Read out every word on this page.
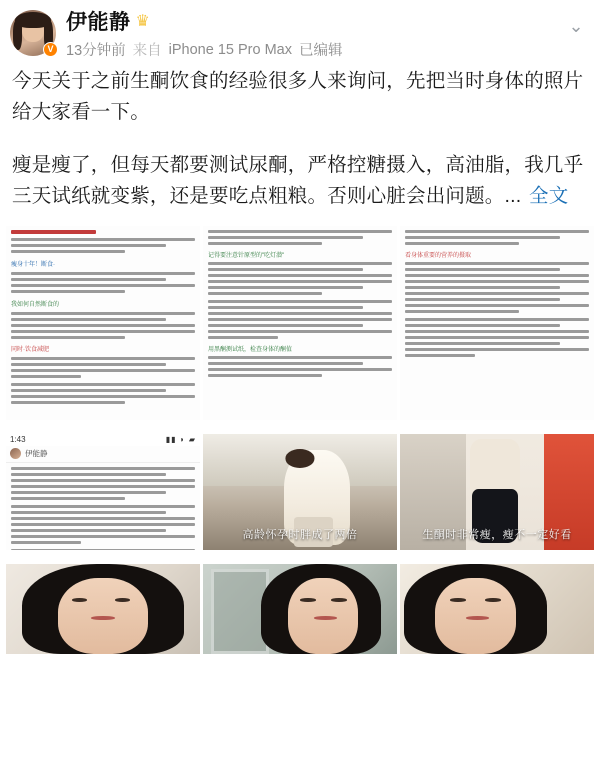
V
伊能静 ♛
13分钟前 来自 iPhone 15 Pro Max 已编辑
⌄

今天关于之前生酮饮食的经验很多人来询问，先把当时身体的照片给大家看一下。

瘦是瘦了，但每天都要测试尿酮，严格控糖摄入，高油脂，我几乎三天试纸就变紫，还是要吃点粗粮。否则心脏会出问题。... 全文

瘦身十年！断食·
我如何自然断食的
同时·饮食减肥
记得要注意针原型的"吃灯潜"
用黑酮测试纸，检查身体的酮值
看身体重要的营养的摄取
1:43	▮▮ ◗ ▰
伊能静
高龄怀孕时胖成了两倍	生酮时非常瘦，瘦不一定好看
